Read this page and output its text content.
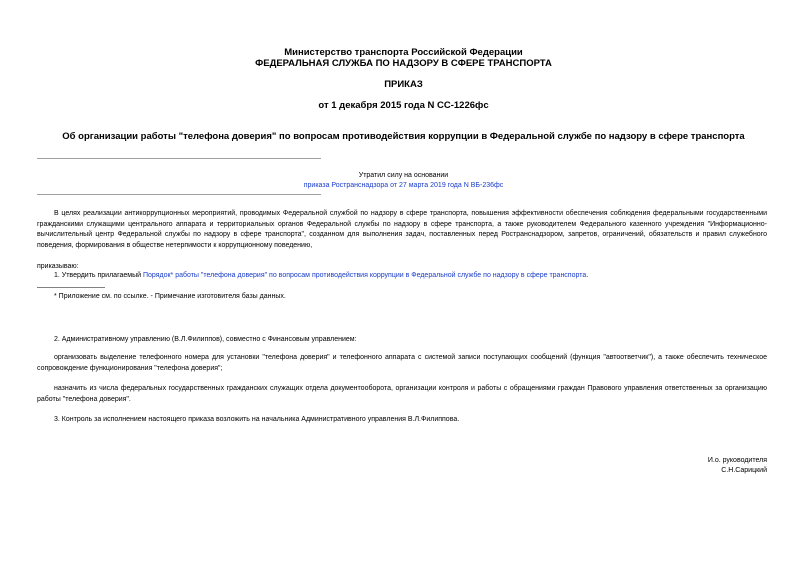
Министерство транспорта Российской Федерации
ФЕДЕРАЛЬНАЯ СЛУЖБА ПО НАДЗОРУ В СФЕРЕ ТРАНСПОРТА
ПРИКАЗ
от 1 декабря 2015 года N СС-1226фс
Об организации работы "телефона доверия" по вопросам противодействия коррупции в Федеральной службе по надзору в сфере транспорта
Утратил силу на основании
приказа Ространснадзора от 27 марта 2019 года N ВБ-236фс
В целях реализации антикоррупционных мероприятий, проводимых Федеральной службой по надзору в сфере транспорта, повышения эффективности обеспечения соблюдения федеральными государственными гражданскими служащими центрального аппарата и территориальных органов Федеральной службы по надзору в сфере транспорта, а также руководителем Федерального казенного учреждения "Информационно-вычислительный центр Федеральной службы по надзору в сфере транспорта", созданном для выполнения задач, поставленных перед Ространснадзором, запретов, ограничений, обязательств и правил служебного поведения, формирования в обществе нетерпимости к коррупционному поведению,
приказываю:
1. Утвердить прилагаемый Порядок* работы "телефона доверия" по вопросам противодействия коррупции в Федеральной службе по надзору в сфере транспорта.
* Приложение см. по ссылке. - Примечание изготовителя базы данных.
2. Административному управлению (В.Л.Филиппов), совместно с Финансовым управлением:
организовать выделение телефонного номера для установки "телефона доверия" и телефонного аппарата с системой записи поступающих сообщений (функция "автоответчик"), а также обеспечить техническое сопровождение функционирования "телефона доверия";
назначить из числа федеральных государственных гражданских служащих отдела документооборота, организации контроля и работы с обращениями граждан Правового управления ответственных за организацию работы "телефона доверия".
3. Контроль за исполнением настоящего приказа возложить на начальника Административного управления В.Л.Филиппова.
И.о. руководителя
С.Н.Сарицкий
